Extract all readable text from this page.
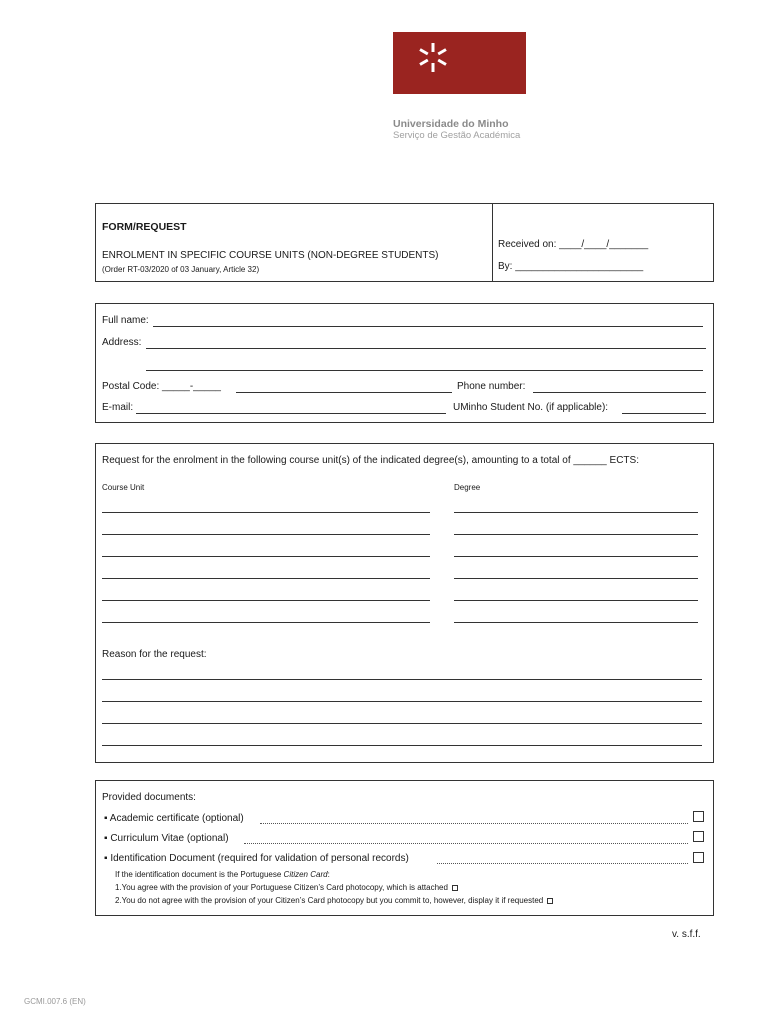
Universidade do Minho
Serviço de Gestão Académica
FORM/REQUEST
ENROLMENT IN SPECIFIC COURSE UNITS (NON-DEGREE STUDENTS)
(Order RT-03/2020 of 03 January, Article 32)
Received on: ____/____/_______
By: _______________________
Full name:
Address:
Postal Code: _____-_____	Phone number:
E-mail:	UMinho Student No. (if applicable):
Request for the enrolment in the following course unit(s) of the indicated degree(s), amounting to a total of ______ ECTS:
Course Unit	Degree
Reason for the request:
Provided documents:
▪ Academic certificate (optional)
▪ Curriculum Vitae (optional)
▪ Identification Document (required for validation of personal records)
If the identification document is the Portuguese Citizen Card:
1.You agree with the provision of your Portuguese Citizen’s Card photocopy, which is attached
2.You do not agree with the provision of your Citizen’s Card photocopy but you commit to, however, display it if requested
v. s.f.f.
GCMI.007.6 (EN)
